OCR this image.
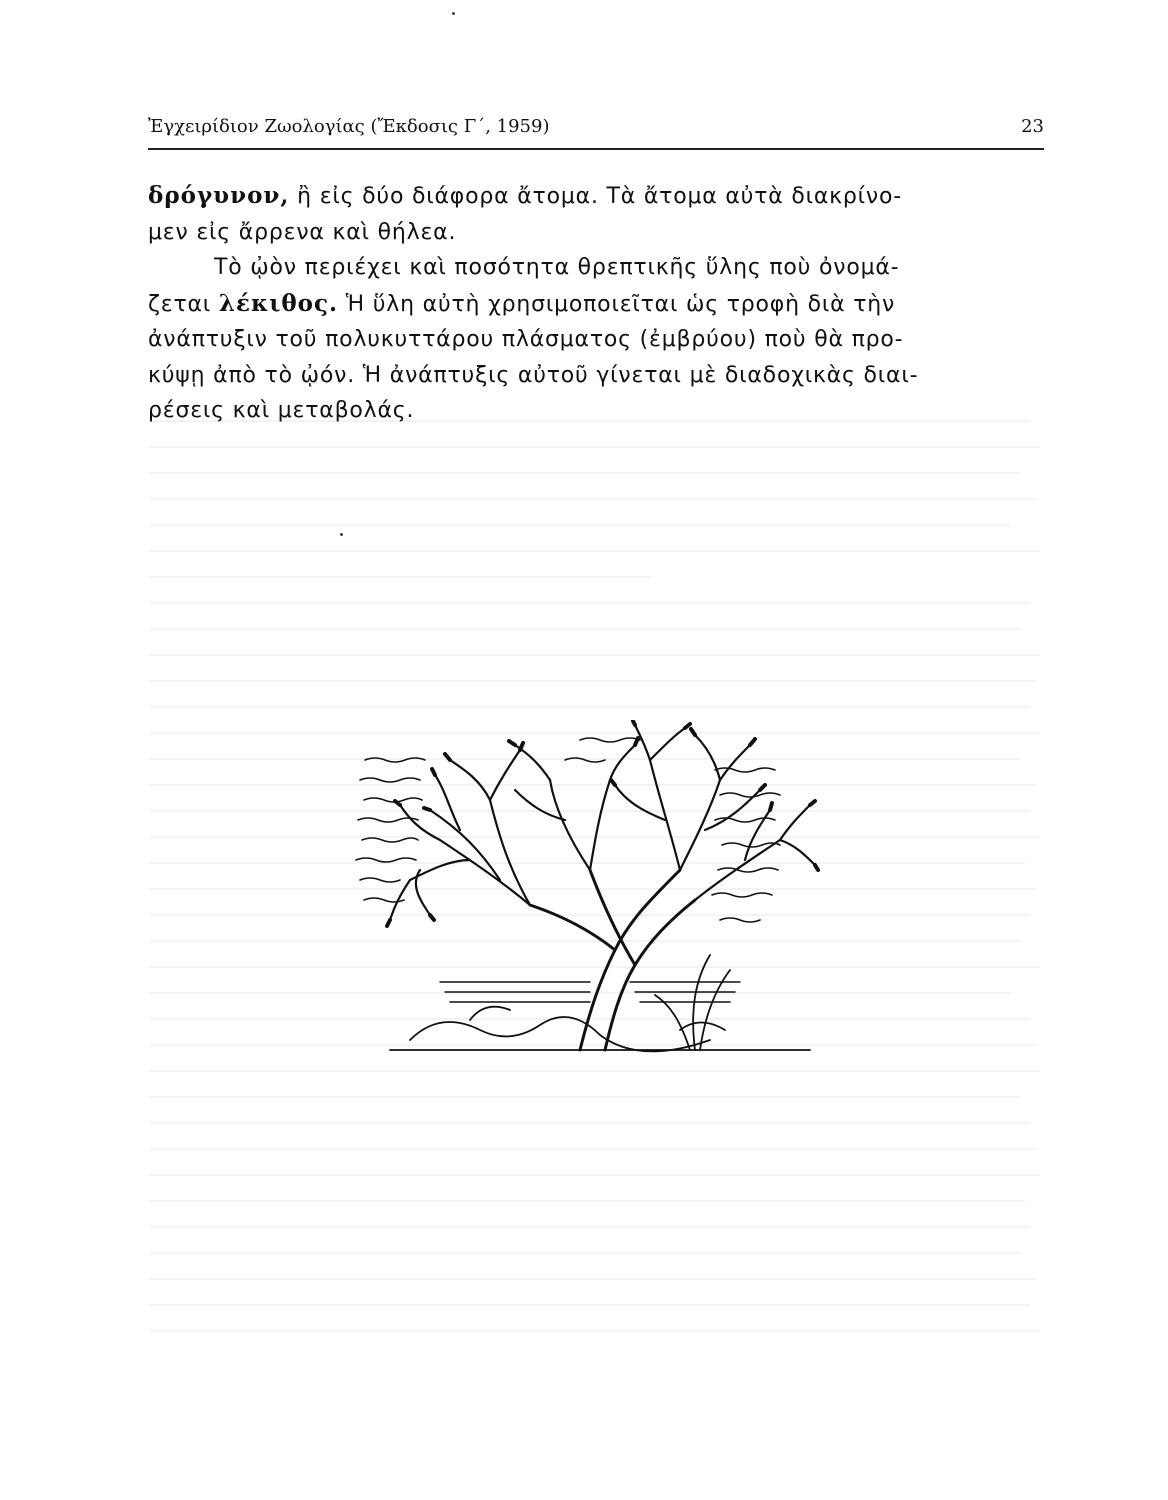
Ἐγχειρίδιον Ζωολογίας (Ἔκδοσις Γ΄, 1959)	23

δρόγυνον, ἢ εἰς δύο διάφορα ἄτομα. Τὰ ἄτομα αὐτὰ διακρίνο-
μεν εἰς ἄρρενα καὶ θήλεα.

Τὸ ᾠὸν περιέχει καὶ ποσότητα θρεπτικῆς ὕλης ποὺ ὀνομά-
ζεται λέκιθος. Ἡ ὕλη αὐτὴ χρησιμοποιεῖται ὡς τροφὴ διὰ τὴν
ἀνάπτυξιν τοῦ πολυκυττάρου πλάσματος (ἐμβρύου) ποὺ θὰ προ-
κύψῃ ἀπὸ τὸ ᾠόν. Ἡ ἀνάπτυξις αὐτοῦ γίνεται μὲ διαδοχικὰς διαι-
ρέσεις καὶ μεταβολάς.
